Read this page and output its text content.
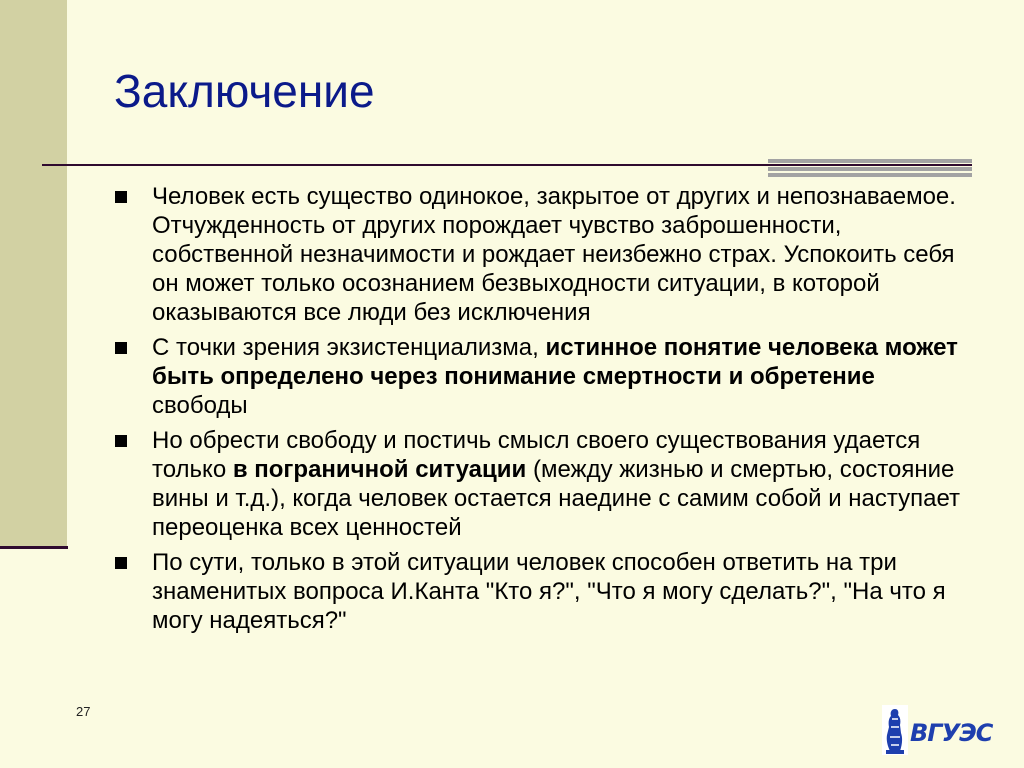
Заключение
Человек есть существо одинокое, закрытое от других и непознаваемое. Отчужденность от других порождает чувство заброшенности, собственной незначимости и рождает неизбежно страх. Успокоить себя он может только осознанием безвыходности ситуации, в которой оказываются все люди без исключения
С точки зрения экзистенциализма, истинное понятие человека может быть определено через понимание смертности и обретение свободы
Но обрести свободу и постичь смысл своего существования удается только в пограничной ситуации (между жизнью и смертью, состояние вины и т.д.), когда человек остается наедине с самим собой и наступает переоценка всех ценностей
По сути, только в этой ситуации человек способен ответить на три знаменитых вопроса И.Канта "Кто я?", "Что я могу сделать?", "На что я могу надеяться?"
27
ВГУЭС
